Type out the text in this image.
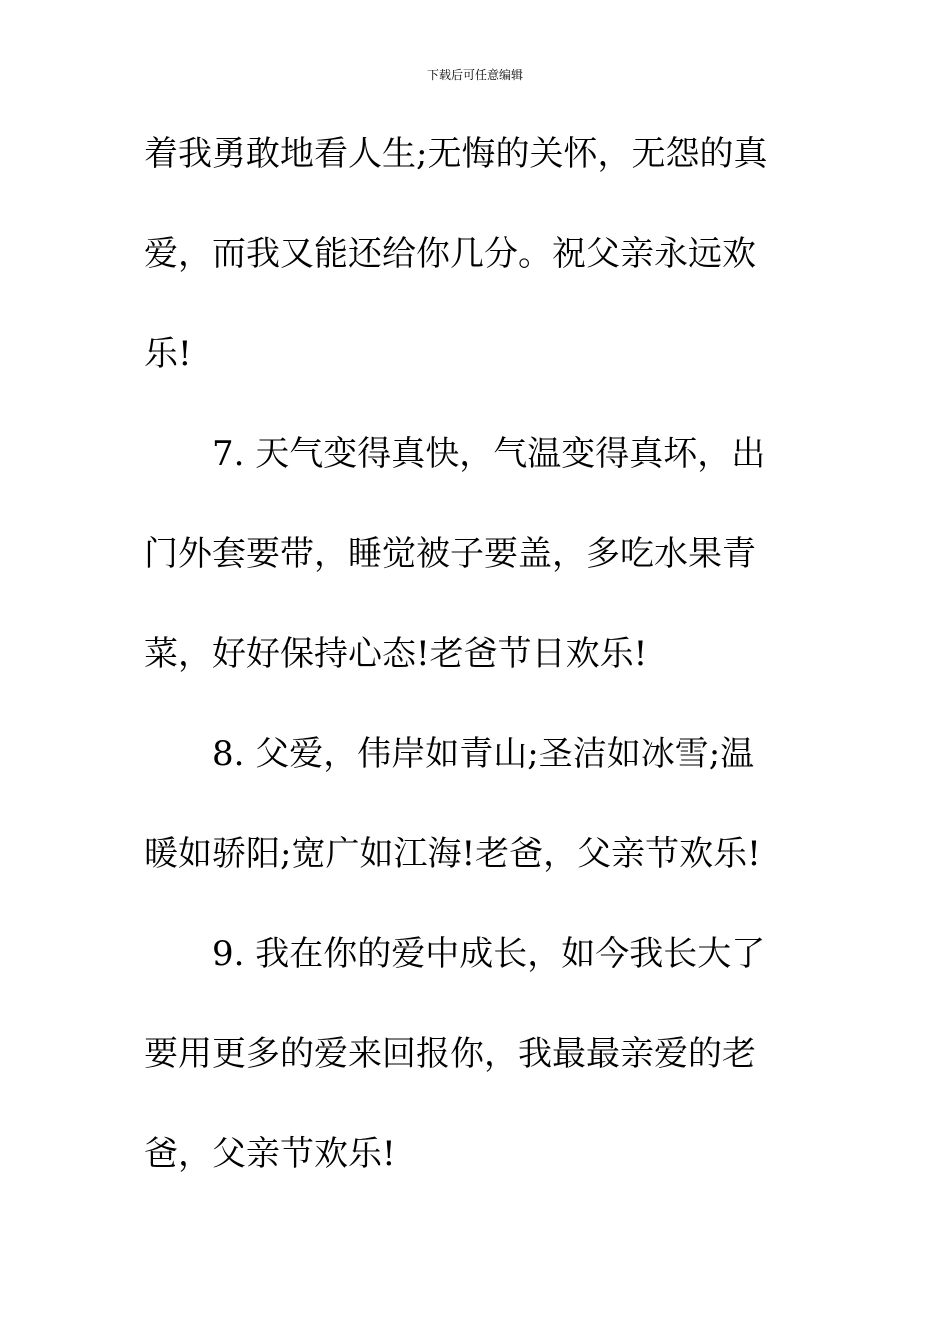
下载后可任意编辑
着我勇敢地看人生;无悔的关怀，无怨的真
爱，而我又能还给你几分。祝父亲永远欢
乐!
7. 天气变得真快，气温变得真坏，出
门外套要带，睡觉被子要盖，多吃水果青
菜，好好保持心态!老爸节日欢乐!
8. 父爱，伟岸如青山;圣洁如冰雪;温
暖如骄阳;宽广如江海!老爸，父亲节欢乐!
9. 我在你的爱中成长，如今我长大了
要用更多的爱来回报你，我最最亲爱的老
爸，父亲节欢乐!
